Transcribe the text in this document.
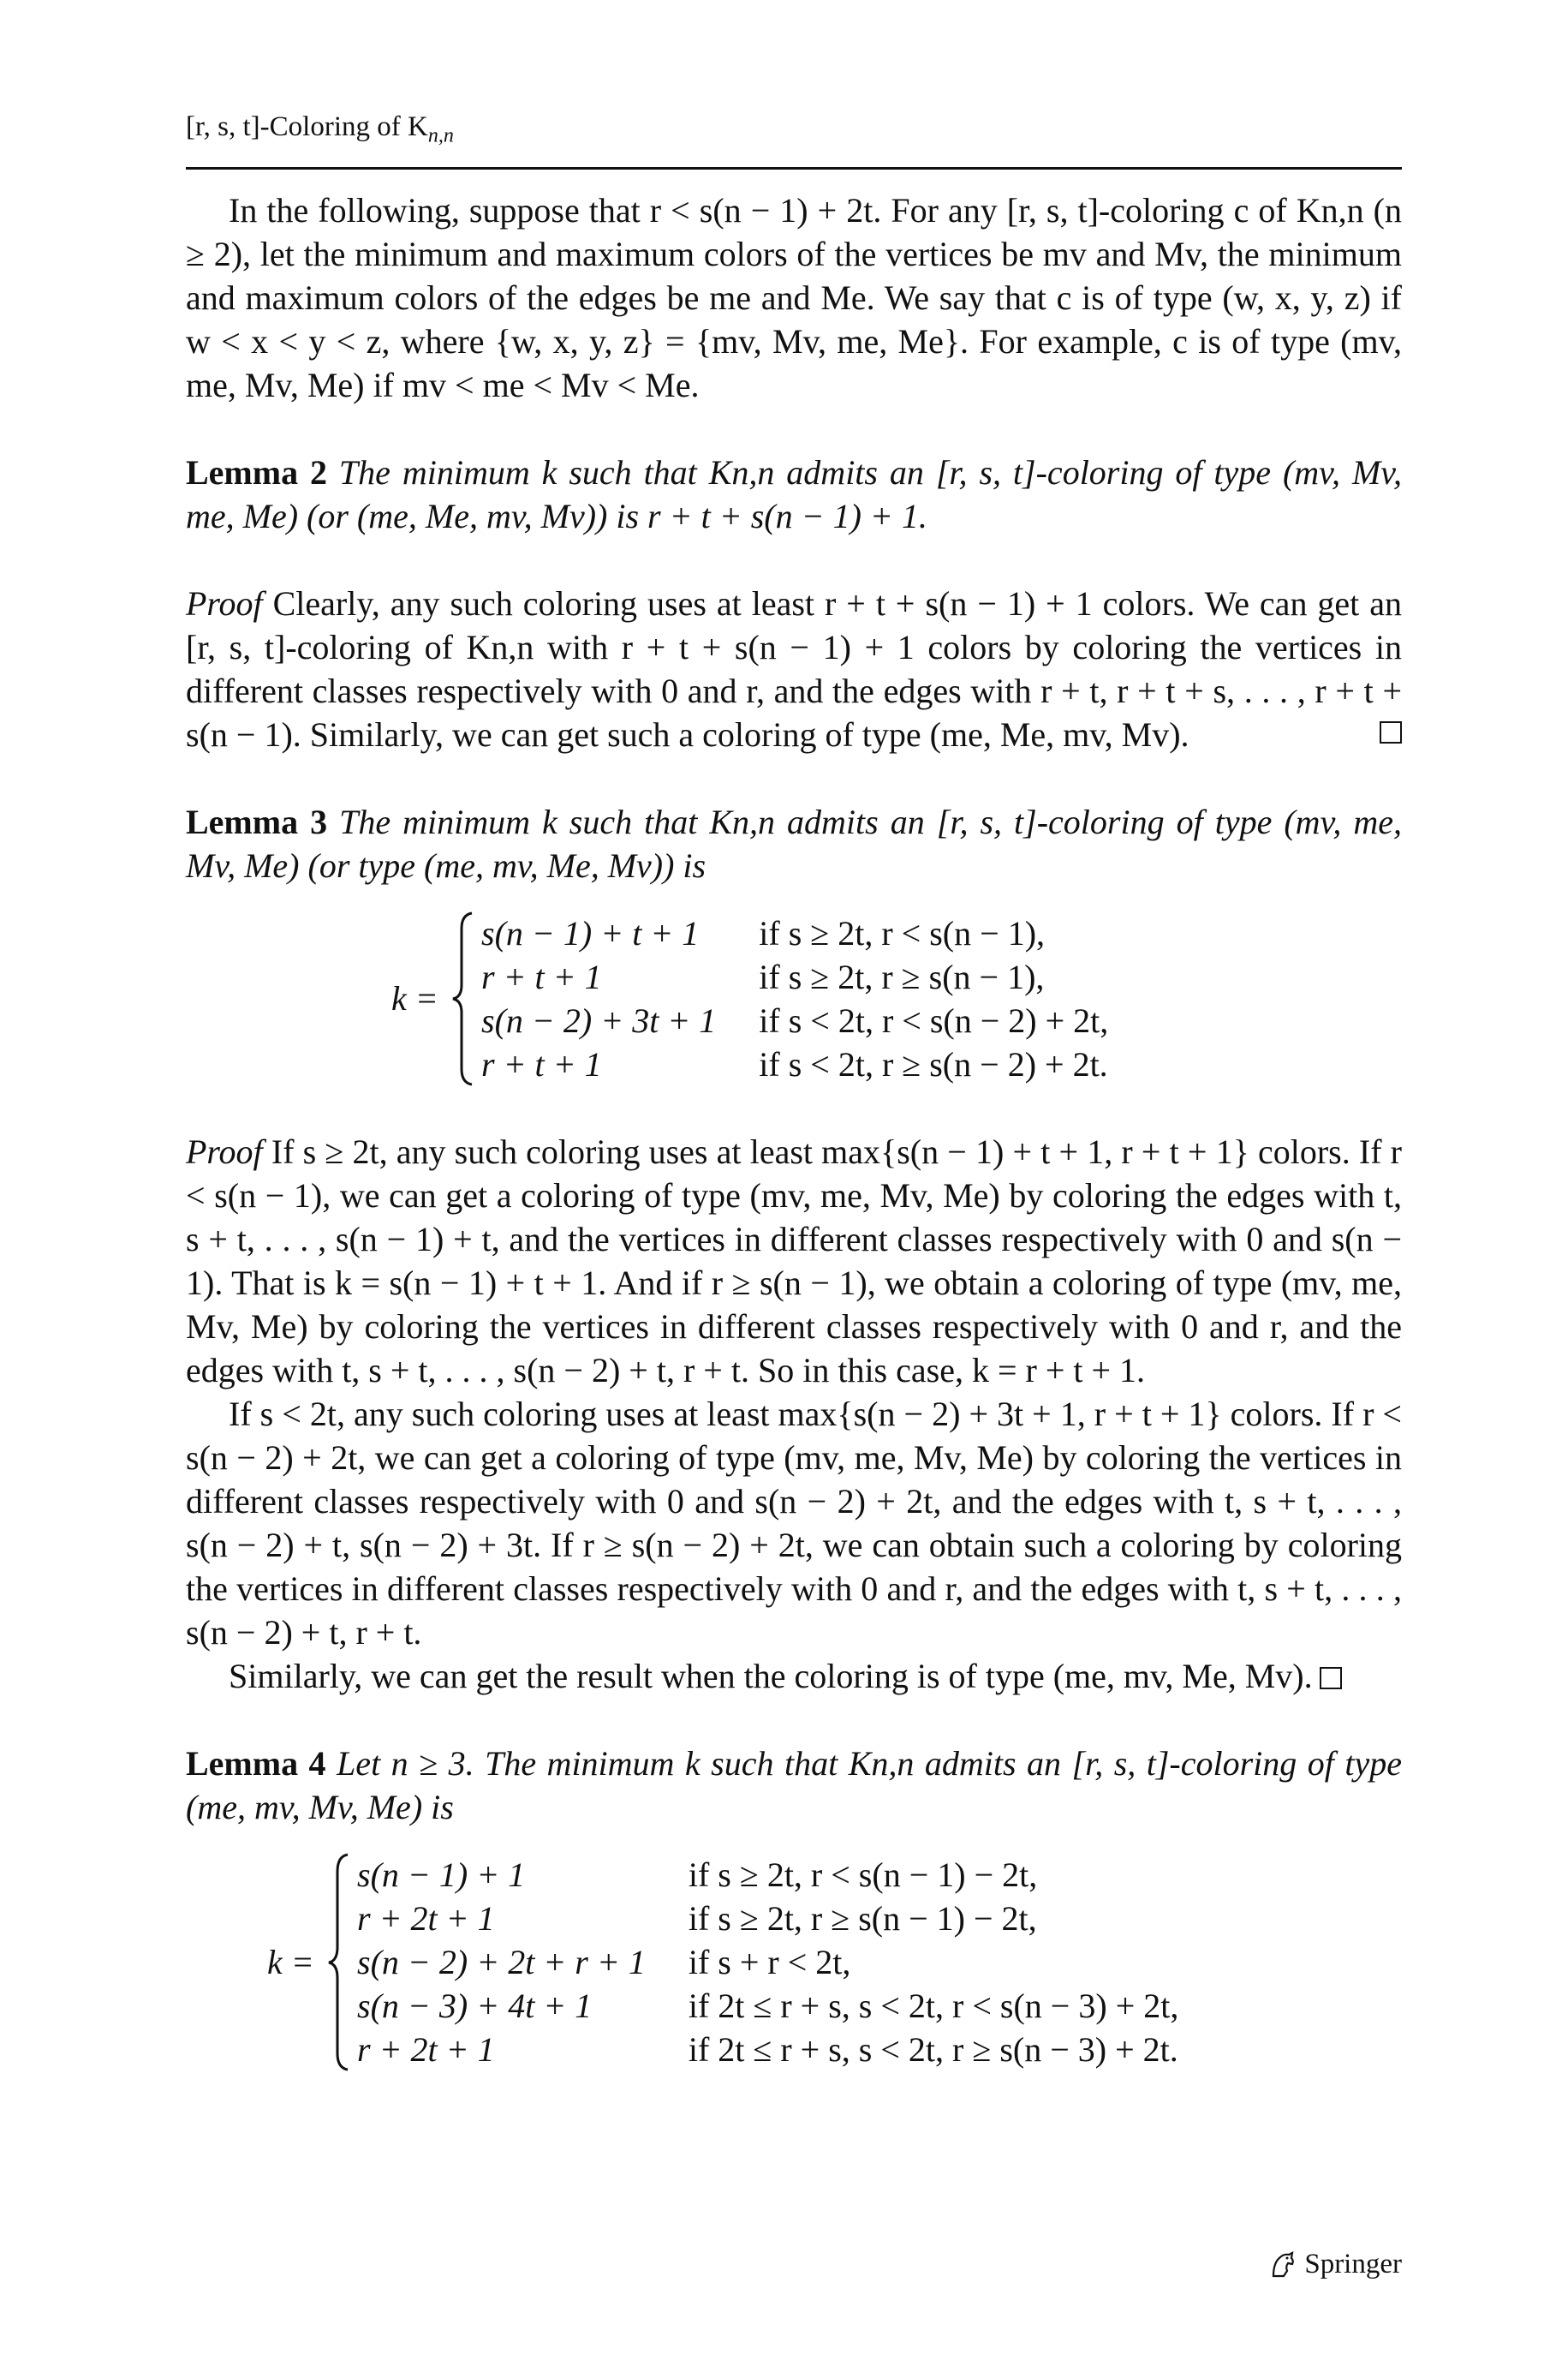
[r, s, t]-Coloring of $K_{n,n}$

In the following, suppose that r < s(n − 1) + 2t. For any [r, s, t]-coloring c of Kn,n (n ≥ 2), let the minimum and maximum colors of the vertices be mv and Mv, the minimum and maximum colors of the edges be me and Me. We say that c is of type (w, x, y, z) if w < x < y < z, where {w, x, y, z} = {mv, Mv, me, Me}. For example, c is of type (mv, me, Mv, Me) if mv < me < Mv < Me.

Lemma 2 The minimum k such that Kn,n admits an [r, s, t]-coloring of type (mv, Mv, me, Me) (or (me, Me, mv, Mv)) is r + t + s(n − 1) + 1.

Proof Clearly, any such coloring uses at least r + t + s(n − 1) + 1 colors. We can get an [r, s, t]-coloring of Kn,n with r + t + s(n − 1) + 1 colors by coloring the vertices in different classes respectively with 0 and r, and the edges with r + t, r + t + s, . . . , r + t + s(n − 1). Similarly, we can get such a coloring of type (me, Me, mv, Mv).

Lemma 3 The minimum k such that Kn,n admits an [r, s, t]-coloring of type (mv, me, Mv, Me) (or type (me, mv, Me, Mv)) is

k =
s(n − 1) + t + 1	if s ≥ 2t, r < s(n − 1),
r + t + 1	if s ≥ 2t, r ≥ s(n − 1),
s(n − 2) + 3t + 1	if s < 2t, r < s(n − 2) + 2t,
r + t + 1	if s < 2t, r ≥ s(n − 2) + 2t.

Proof If s ≥ 2t, any such coloring uses at least max{s(n − 1) + t + 1, r + t + 1} colors. If r < s(n − 1), we can get a coloring of type (mv, me, Mv, Me) by coloring the edges with t, s + t, . . . , s(n − 1) + t, and the vertices in different classes respectively with 0 and s(n − 1). That is k = s(n − 1) + t + 1. And if r ≥ s(n − 1), we obtain a coloring of type (mv, me, Mv, Me) by coloring the vertices in different classes respectively with 0 and r, and the edges with t, s + t, . . . , s(n − 2) + t, r + t. So in this case, k = r + t + 1.

If s < 2t, any such coloring uses at least max{s(n − 2) + 3t + 1, r + t + 1} colors. If r < s(n − 2) + 2t, we can get a coloring of type (mv, me, Mv, Me) by coloring the vertices in different classes respectively with 0 and s(n − 2) + 2t, and the edges with t, s + t, . . . , s(n − 2) + t, s(n − 2) + 3t. If r ≥ s(n − 2) + 2t, we can obtain such a coloring by coloring the vertices in different classes respectively with 0 and r, and the edges with t, s + t, . . . , s(n − 2) + t, r + t.

Similarly, we can get the result when the coloring is of type (me, mv, Me, Mv).

Lemma 4 Let n ≥ 3. The minimum k such that Kn,n admits an [r, s, t]-coloring of type (me, mv, Mv, Me) is

k =
s(n − 1) + 1	if s ≥ 2t, r < s(n − 1) − 2t,
r + 2t + 1	if s ≥ 2t, r ≥ s(n − 1) − 2t,
s(n − 2) + 2t + r + 1	if s + r < 2t,
s(n − 3) + 4t + 1	if 2t ≤ r + s, s < 2t, r < s(n − 3) + 2t,
r + 2t + 1	if 2t ≤ r + s, s < 2t, r ≥ s(n − 3) + 2t.
Springer
